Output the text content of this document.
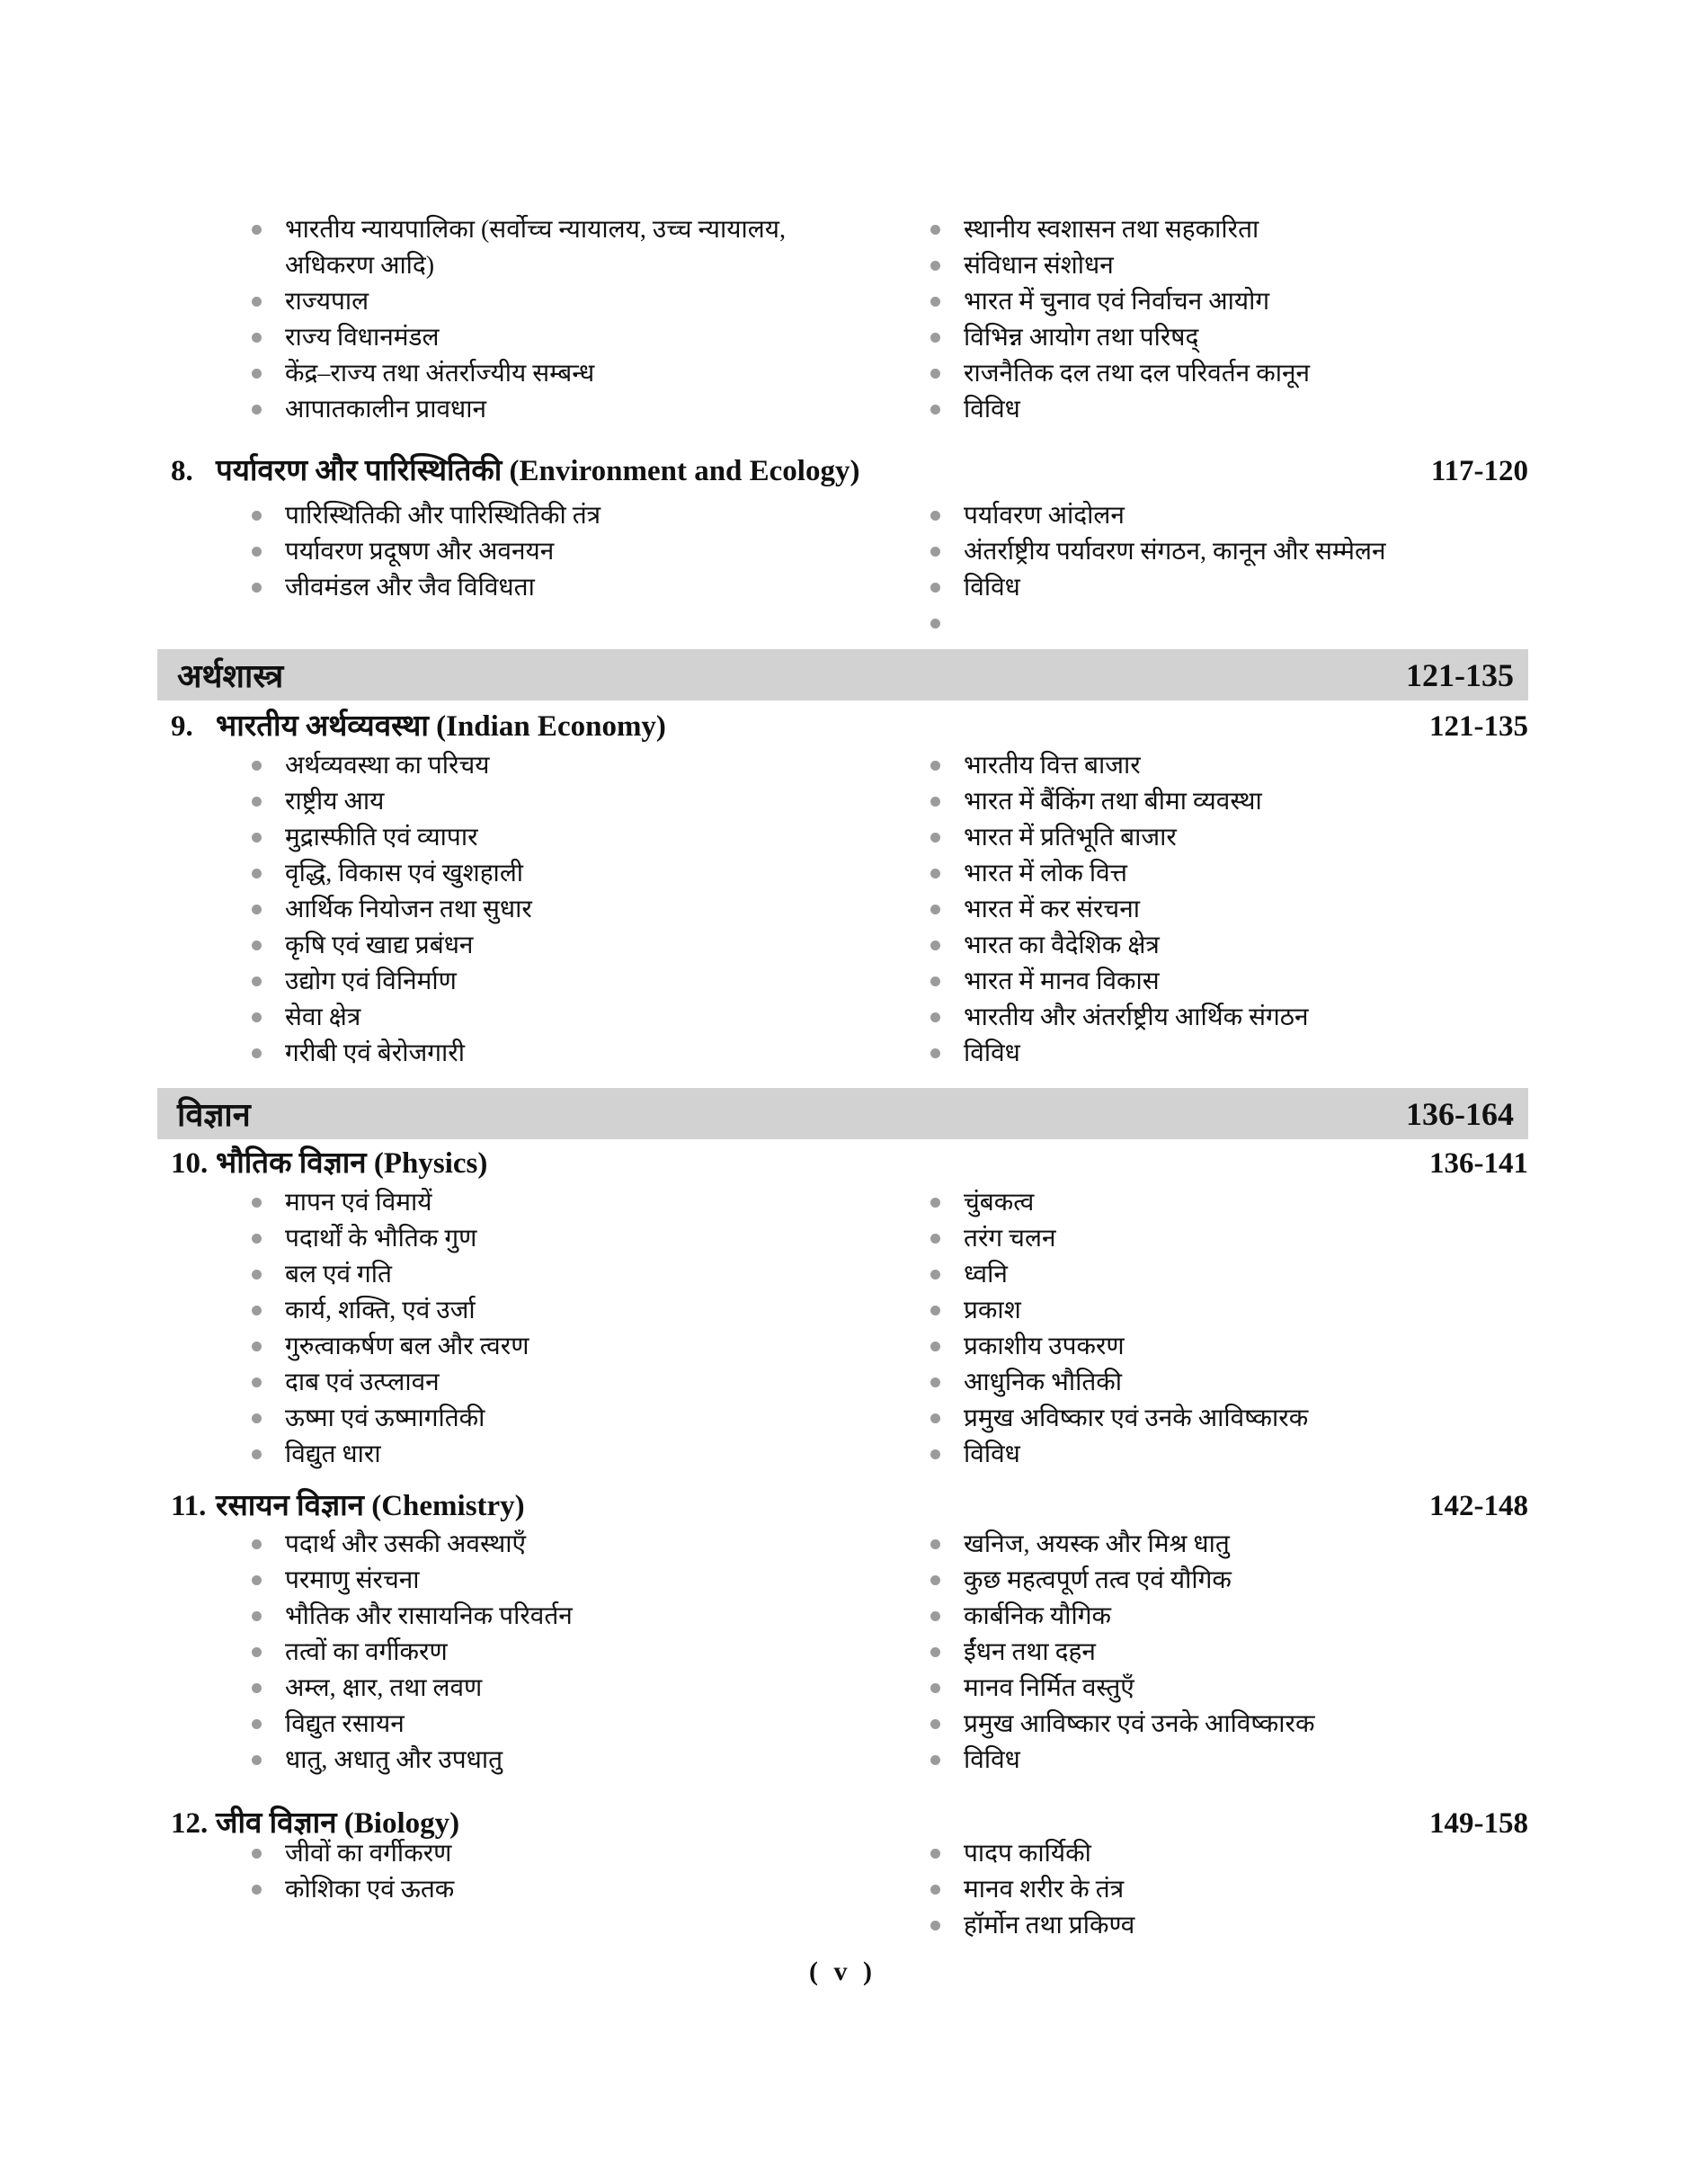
भारतीय न्यायपालिका (सर्वोच्च न्यायालय, उच्च न्यायालय, अधिकरण आदि)
राज्यपाल
राज्य विधानमंडल
केंद्र–राज्य तथा अंतर्राज्यीय सम्बन्ध
आपातकालीन प्रावधान
स्थानीय स्वशासन तथा सहकारिता
संविधान संशोधन
भारत में चुनाव एवं निर्वाचन आयोग
विभिन्न आयोग तथा परिषद्
राजनैतिक दल तथा दल परिवर्तन कानून
विविध
8. पर्यावरण और पारिस्थितिकी (Environment and Ecology)	117-120
पारिस्थितिकी और पारिस्थितिकी तंत्र
पर्यावरण प्रदूषण और अवनयन
जीवमंडल और जैव विविधता
पर्यावरण आंदोलन
अंतर्राष्ट्रीय पर्यावरण संगठन, कानून और सम्मेलन
विविध
अर्थशास्त्र	121-135
9. भारतीय अर्थव्यवस्था (Indian Economy)	121-135
अर्थव्यवस्था का परिचय
राष्ट्रीय आय
मुद्रास्फीति एवं व्यापार
वृद्धि, विकास एवं खुशहाली
आर्थिक नियोजन तथा सुधार
कृषि एवं खाद्य प्रबंधन
उद्योग एवं विनिर्माण
सेवा क्षेत्र
गरीबी एवं बेरोजगारी
भारतीय वित्त बाजार
भारत में बैंकिंग तथा बीमा व्यवस्था
भारत में प्रतिभूति बाजार
भारत में लोक वित्त
भारत में कर संरचना
भारत का वैदेशिक क्षेत्र
भारत में मानव विकास
भारतीय और अंतर्राष्ट्रीय आर्थिक संगठन
विविध
विज्ञान	136-164
10. भौतिक विज्ञान (Physics)	136-141
मापन एवं विमायें
पदार्थों के भौतिक गुण
बल एवं गति
कार्य, शक्ति, एवं उर्जा
गुरुत्वाकर्षण बल और त्वरण
दाब एवं उत्प्लावन
ऊष्मा एवं ऊष्मागतिकी
विद्युत धारा
चुंबकत्व
तरंग चलन
ध्वनि
प्रकाश
प्रकाशीय उपकरण
आधुनिक भौतिकी
प्रमुख अविष्कार एवं उनके आविष्कारक
विविध
11. रसायन विज्ञान (Chemistry)	142-148
पदार्थ और उसकी अवस्थाएँ
परमाणु संरचना
भौतिक और रासायनिक परिवर्तन
तत्वों का वर्गीकरण
अम्ल, क्षार, तथा लवण
विद्युत रसायन
धातु, अधातु और उपधातु
खनिज, अयस्क और मिश्र धातु
कुछ महत्वपूर्ण तत्व एवं यौगिक
कार्बनिक यौगिक
ईंधन तथा दहन
मानव निर्मित वस्तुएँ
प्रमुख आविष्कार एवं उनके आविष्कारक
विविध
12. जीव विज्ञान (Biology)	149-158
जीवों का वर्गीकरण
कोशिका एवं ऊतक
पादप कार्यिकी
मानव शरीर के तंत्र
हॉर्मोन तथा प्रकिण्व
( v )
